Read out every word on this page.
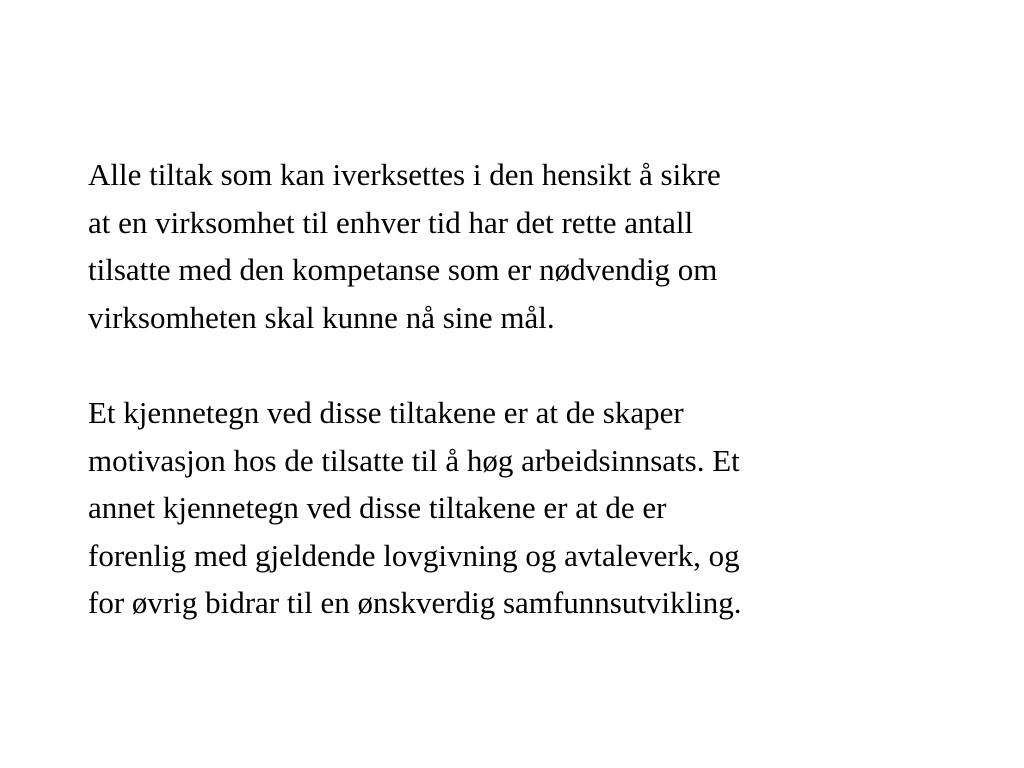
Alle tiltak som kan iverksettes i den hensikt å sikre
at en virksomhet til enhver tid har det rette antall
tilsatte med den kompetanse som er nødvendig om
virksomheten skal kunne nå sine mål.
Et kjennetegn ved disse tiltakene er at de skaper
motivasjon hos de tilsatte til å høg arbeidsinnsats. Et
annet kjennetegn ved disse tiltakene er at de er
forenlig med gjeldende lovgivning og avtaleverk, og
for øvrig bidrar til en ønskverdig samfunnsutvikling.
